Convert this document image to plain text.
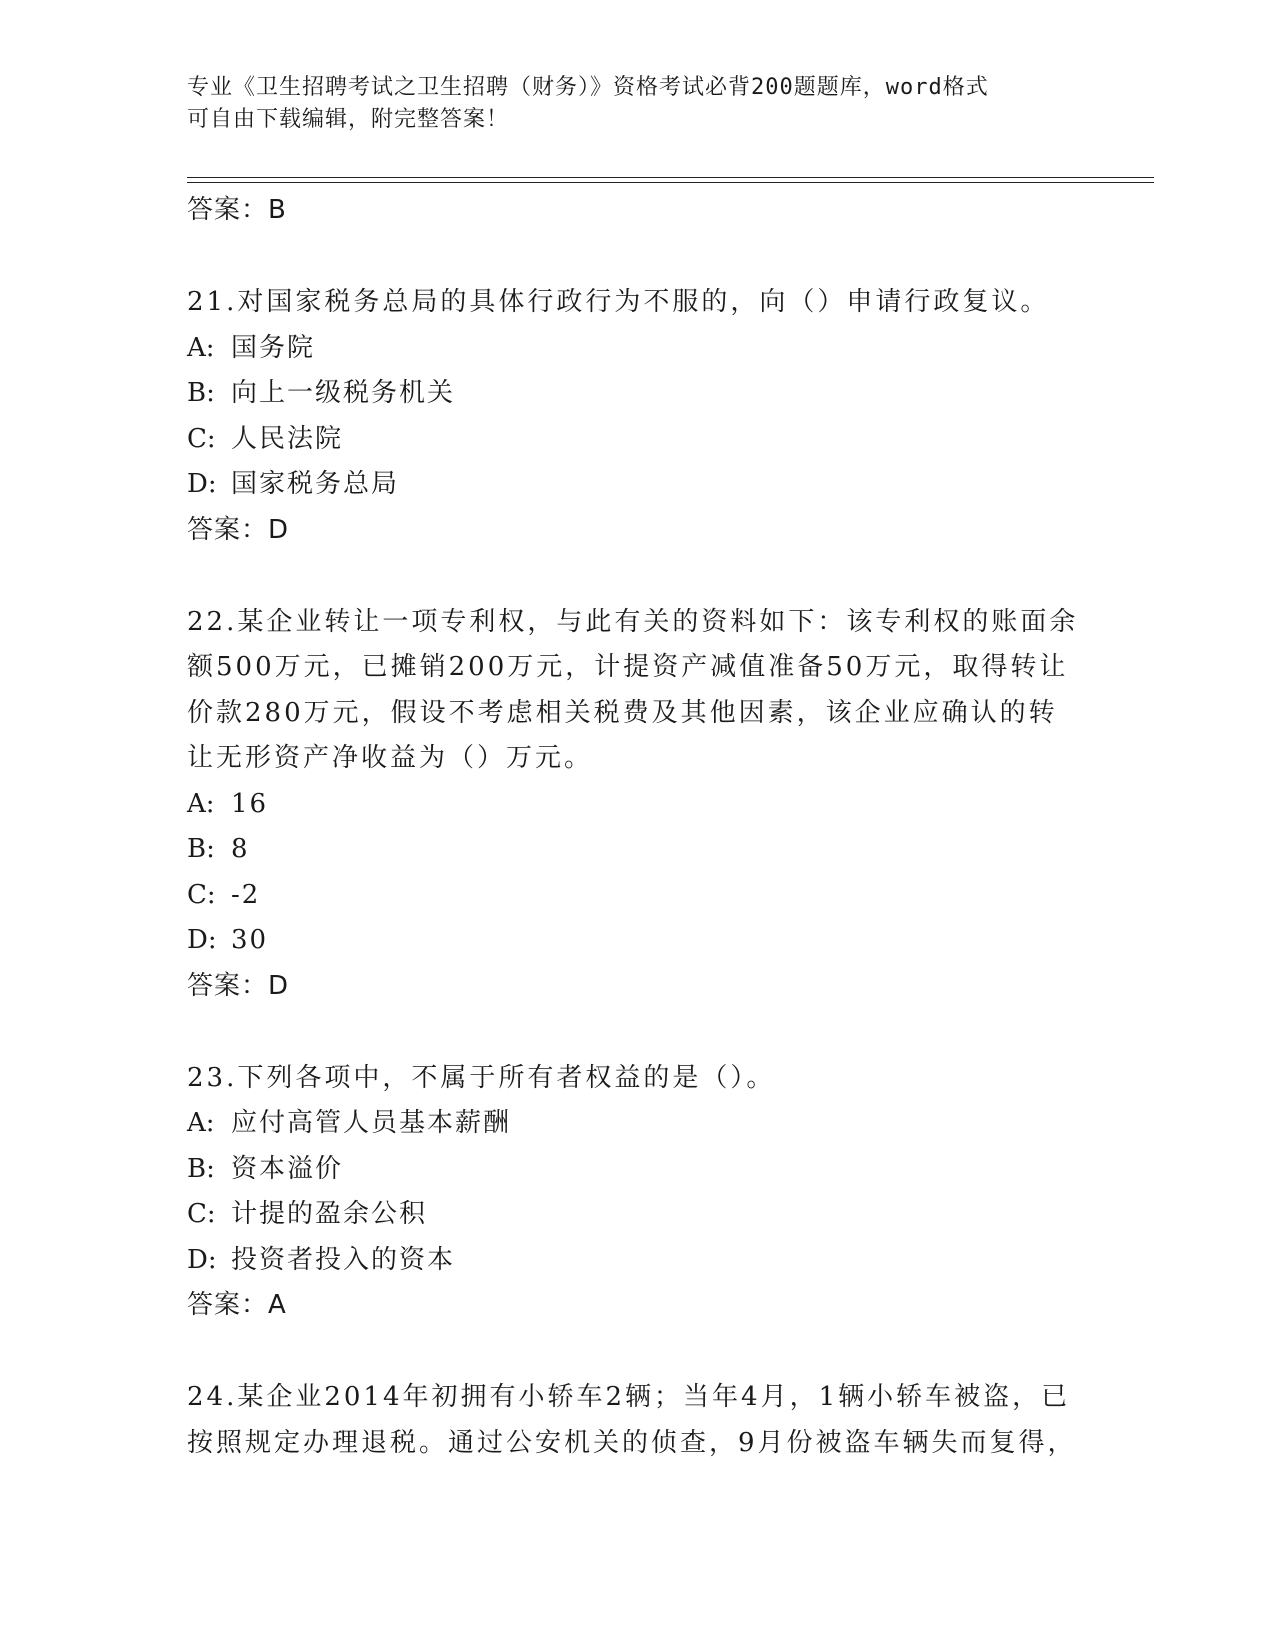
专业《卫生招聘考试之卫生招聘（财务）》资格考试必背200题题库，word格式
可自由下载编辑，附完整答案！
答案：B
21.对国家税务总局的具体行政行为不服的，向（）申请行政复议。
A: 国务院
B: 向上一级税务机关
C: 人民法院
D: 国家税务总局
答案：D
22.某企业转让一项专利权，与此有关的资料如下：该专利权的账面余
额500万元，已摊销200万元，计提资产减值准备50万元，取得转让
价款280万元，假设不考虑相关税费及其他因素，该企业应确认的转
让无形资产净收益为（）万元。
A: 16
B: 8
C: -2
D: 30
答案：D
23.下列各项中，不属于所有者权益的是（）。
A: 应付高管人员基本薪酬
B: 资本溢价
C: 计提的盈余公积
D: 投资者投入的资本
答案：A
24.某企业2014年初拥有小轿车2辆；当年4月，1辆小轿车被盗，已
按照规定办理退税。通过公安机关的侦查，9月份被盗车辆失而复得，
